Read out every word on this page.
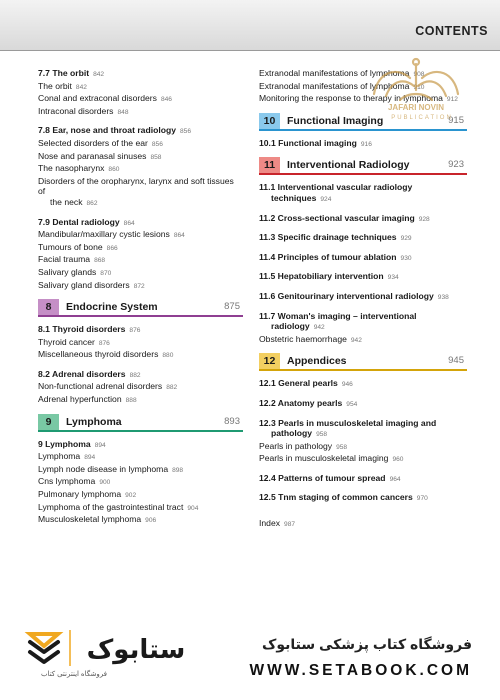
CONTENTS
7.7 The orbit 842
The orbit 842
Conal and extraconal disorders 846
Intraconal disorders 848
7.8 Ear, nose and throat radiology 856
Selected disorders of the ear 856
Nose and paranasal sinuses 858
The nasopharynx 860
Disorders of the oropharynx, larynx and soft tissues of
the neck 862
7.9 Dental radiology 864
Mandibular/maxillary cystic lesions 864
Tumours of bone 866
Facial trauma 868
Salivary glands 870
Salivary gland disorders 872
8	Endocrine System	875
8.1 Thyroid disorders 876
Thyroid cancer 876
Miscellaneous thyroid disorders 880
8.2 Adrenal disorders 882
Non-functional adrenal disorders 882
Adrenal hyperfunction 888
9	Lymphoma	893
9 Lymphoma 894
Lymphoma 894
Lymph node disease in lymphoma 898
Cns lymphoma 900
Pulmonary lymphoma 902
Lymphoma of the gastrointestinal tract 904
Musculoskeletal lymphoma 906
Extranodal manifestations of lymphoma 908
Extranodal manifestations of lymphoma 910
Monitoring the response to therapy in lymphoma 912
10	Functional Imaging	915
10.1 Functional imaging 916
11	Interventional Radiology	923
11.1 Interventional vascular radiology
techniques 924
11.2 Cross-sectional vascular imaging 928
11.3 Specific drainage techniques 929
11.4 Principles of tumour ablation 930
11.5 Hepatobiliary intervention 934
11.6 Genitourinary interventional radiology 938
11.7 Woman's imaging – interventional
radiology 942
Obstetric haemorrhage 942
12	Appendices	945
12.1 General pearls 946
12.2 Anatomy pearls 954
12.3 Pearls in musculoskeletal imaging and
pathology 958
Pearls in pathology 958
Pearls in musculoskeletal imaging 960
12.4 Patterns of tumour spread 964
12.5 Tnm staging of common cancers 970
Index 987
JAFARI NOVIN
PUBLICATION
ستابوک
فروشگاه اینترنتی کتاب
فروشگاه کتاب پزشکی ستابوک
WWW.SETABOOK.COM
